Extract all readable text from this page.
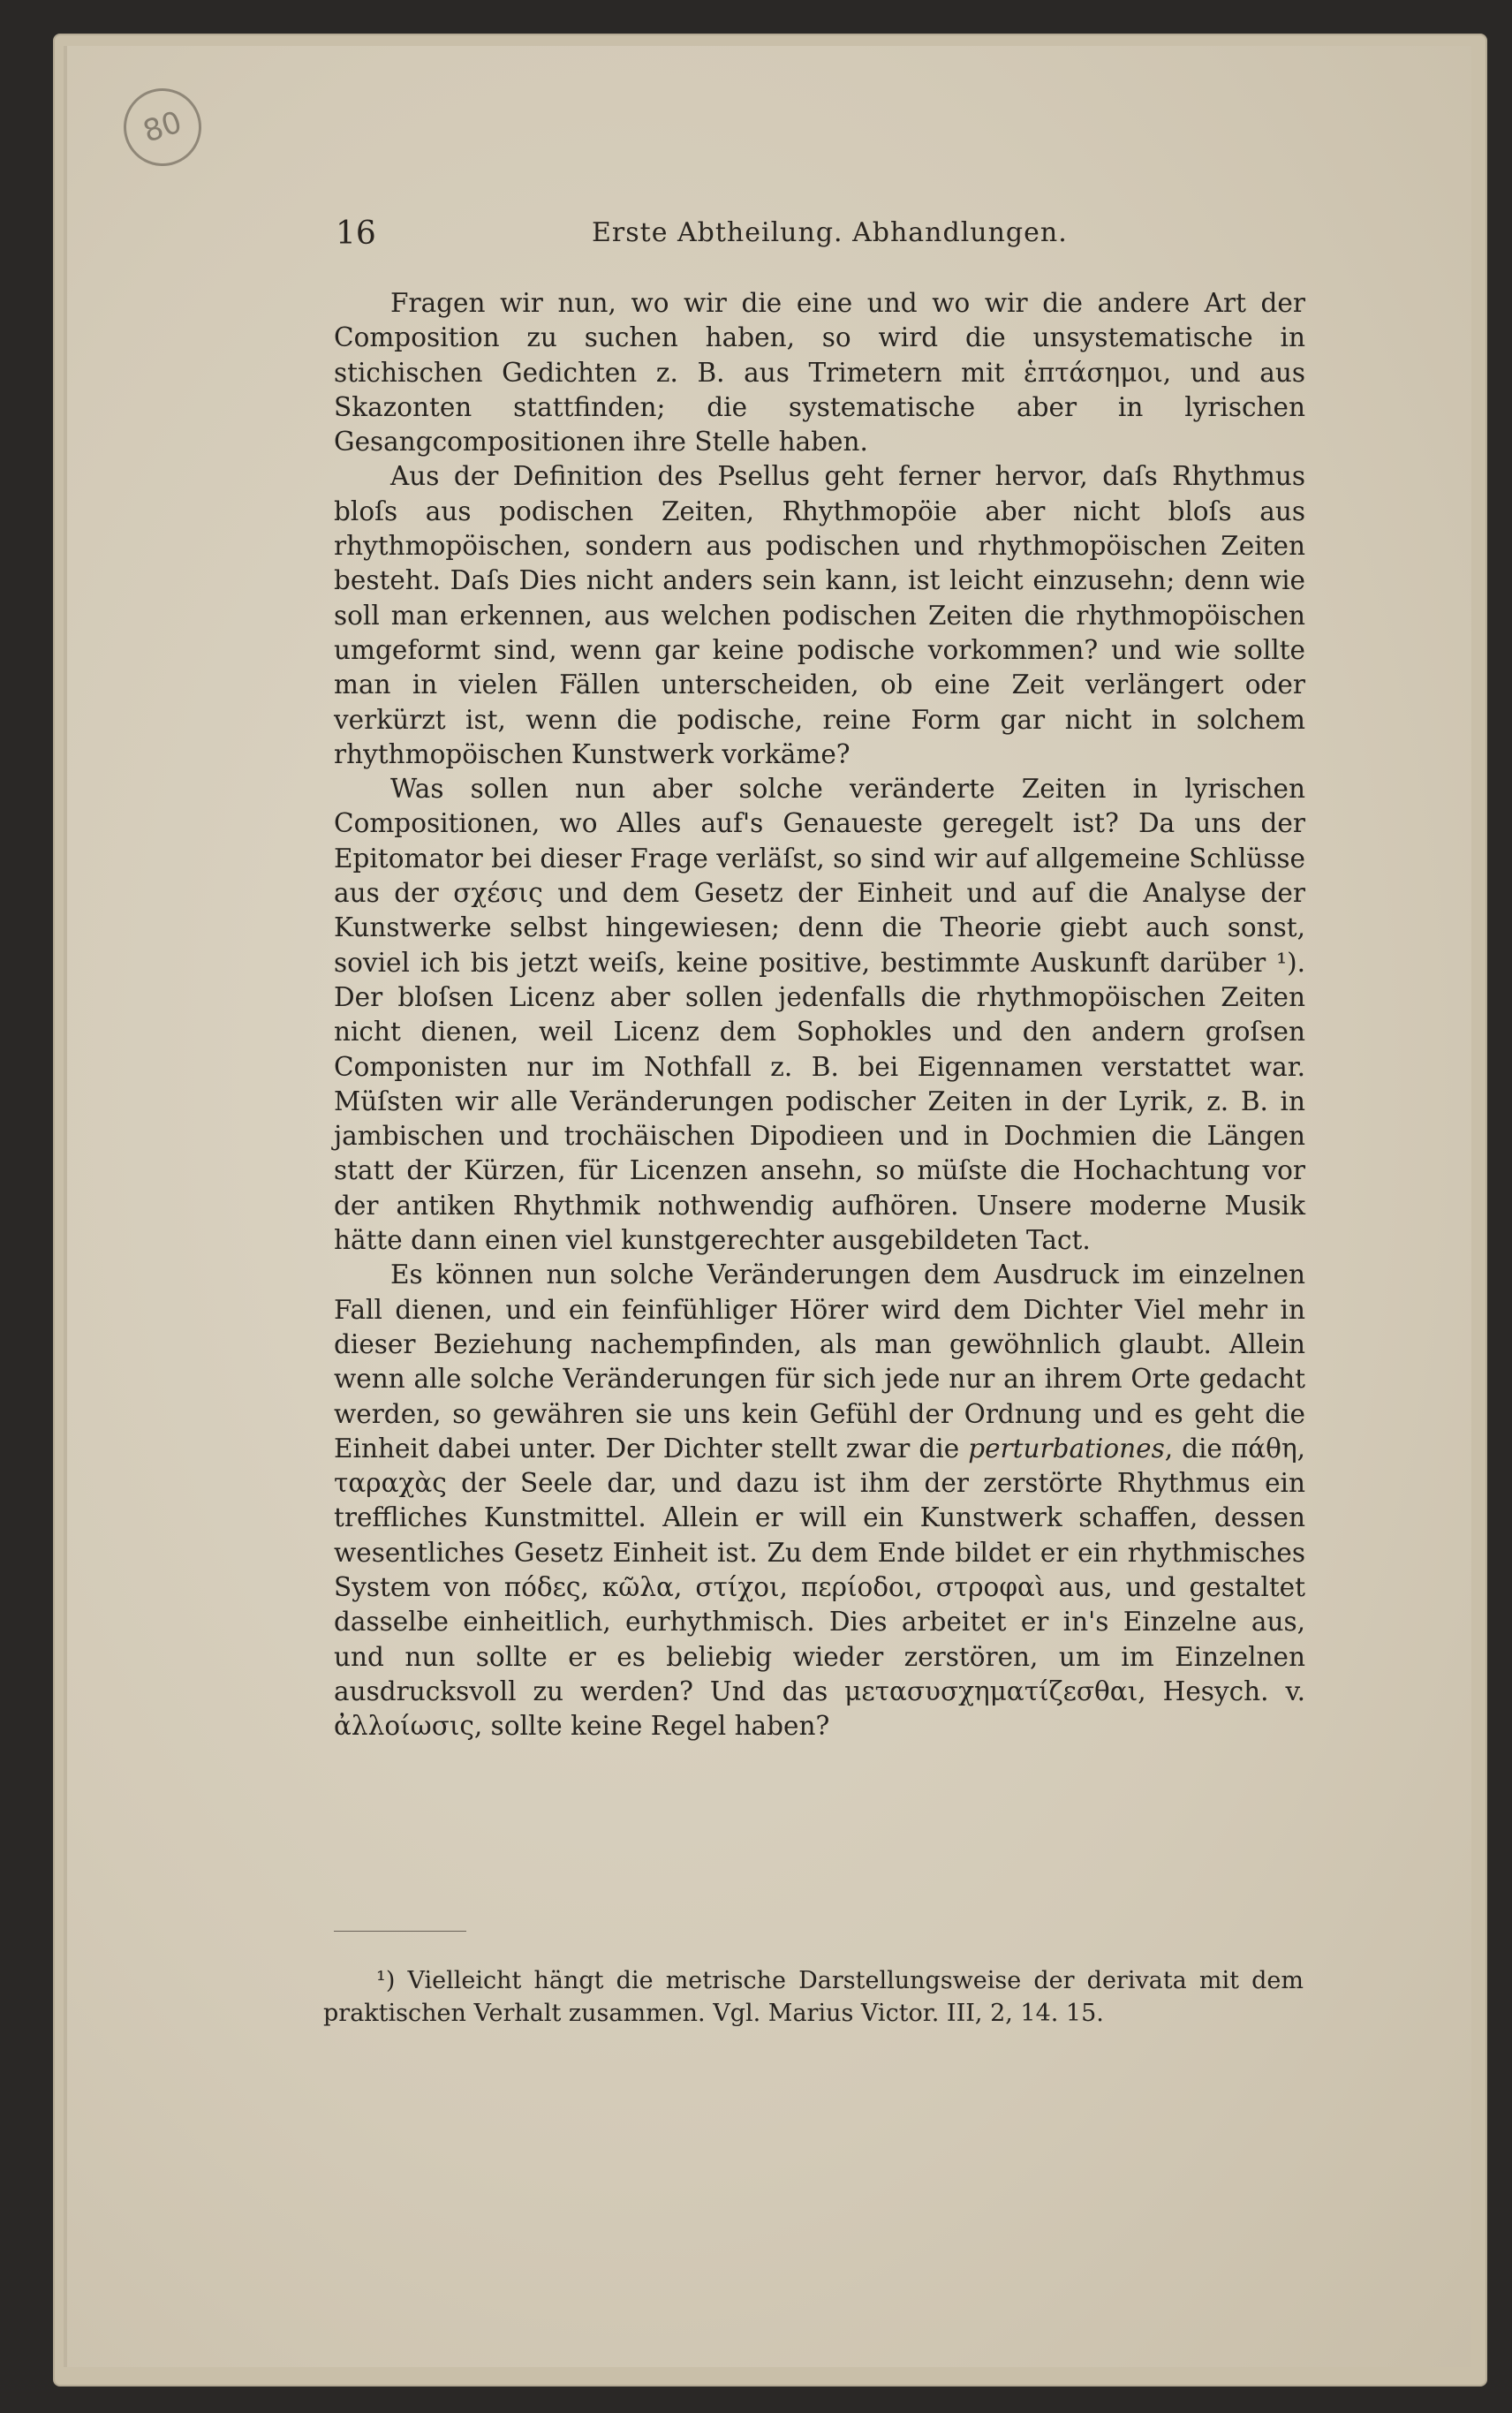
80
16	Erste Abtheilung. Abhandlungen.

Fragen wir nun, wo wir die eine und wo wir die andere Art der Composition zu suchen haben, so wird die unsystematische in stichischen Gedichten z. B. aus Trimetern mit ἑπτάσημοι, und aus Skazonten stattfinden; die systematische aber in lyrischen Gesangcompositionen ihre Stelle haben.

Aus der Definition des Psellus geht ferner hervor, daſs Rhythmus bloſs aus podischen Zeiten, Rhythmopöie aber nicht bloſs aus rhythmopöischen, sondern aus podischen und rhythmopöischen Zeiten besteht. Daſs Dies nicht anders sein kann, ist leicht einzusehn; denn wie soll man erkennen, aus welchen podischen Zeiten die rhythmopöischen umgeformt sind, wenn gar keine podische vorkommen? und wie sollte man in vielen Fällen unterscheiden, ob eine Zeit verlängert oder verkürzt ist, wenn die podische, reine Form gar nicht in solchem rhythmopöischen Kunstwerk vorkäme?

Was sollen nun aber solche veränderte Zeiten in lyrischen Compositionen, wo Alles auf's Genaueste geregelt ist? Da uns der Epitomator bei dieser Frage verläſst, so sind wir auf allgemeine Schlüsse aus der σχέσις und dem Gesetz der Einheit und auf die Analyse der Kunstwerke selbst hingewiesen; denn die Theorie giebt auch sonst, soviel ich bis jetzt weiſs, keine positive, bestimmte Auskunft darüber ¹). Der bloſsen Licenz aber sollen jedenfalls die rhythmopöischen Zeiten nicht dienen, weil Licenz dem Sophokles und den andern groſsen Componisten nur im Nothfall z. B. bei Eigennamen verstattet war. Müſsten wir alle Veränderungen podischer Zeiten in der Lyrik, z. B. in jambischen und trochäischen Dipodieen und in Dochmien die Längen statt der Kürzen, für Licenzen ansehn, so müſste die Hochachtung vor der antiken Rhythmik nothwendig aufhören. Unsere moderne Musik hätte dann einen viel kunstgerechter ausgebildeten Tact.

Es können nun solche Veränderungen dem Ausdruck im einzelnen Fall dienen, und ein feinfühliger Hörer wird dem Dichter Viel mehr in dieser Beziehung nachempfinden, als man gewöhnlich glaubt. Allein wenn alle solche Veränderungen für sich jede nur an ihrem Orte gedacht werden, so gewähren sie uns kein Gefühl der Ordnung und es geht die Einheit dabei unter. Der Dichter stellt zwar die perturbationes, die πάθη, ταραχὰς der Seele dar, und dazu ist ihm der zerstörte Rhythmus ein treffliches Kunstmittel. Allein er will ein Kunstwerk schaffen, dessen wesentliches Gesetz Einheit ist. Zu dem Ende bildet er ein rhythmisches System von πόδες, κῶλα, στίχοι, περίοδοι, στροφαὶ aus, und gestaltet dasselbe einheitlich, eurhythmisch. Dies arbeitet er in's Einzelne aus, und nun sollte er es beliebig wieder zerstören, um im Einzelnen ausdrucksvoll zu werden? Und das μετασυσχηματίζεσθαι, Hesych. v. ἀλλοίωσις, sollte keine Regel haben?

¹) Vielleicht hängt die metrische Darstellungsweise der derivata mit dem praktischen Verhalt zusammen. Vgl. Marius Victor. III, 2, 14. 15.
